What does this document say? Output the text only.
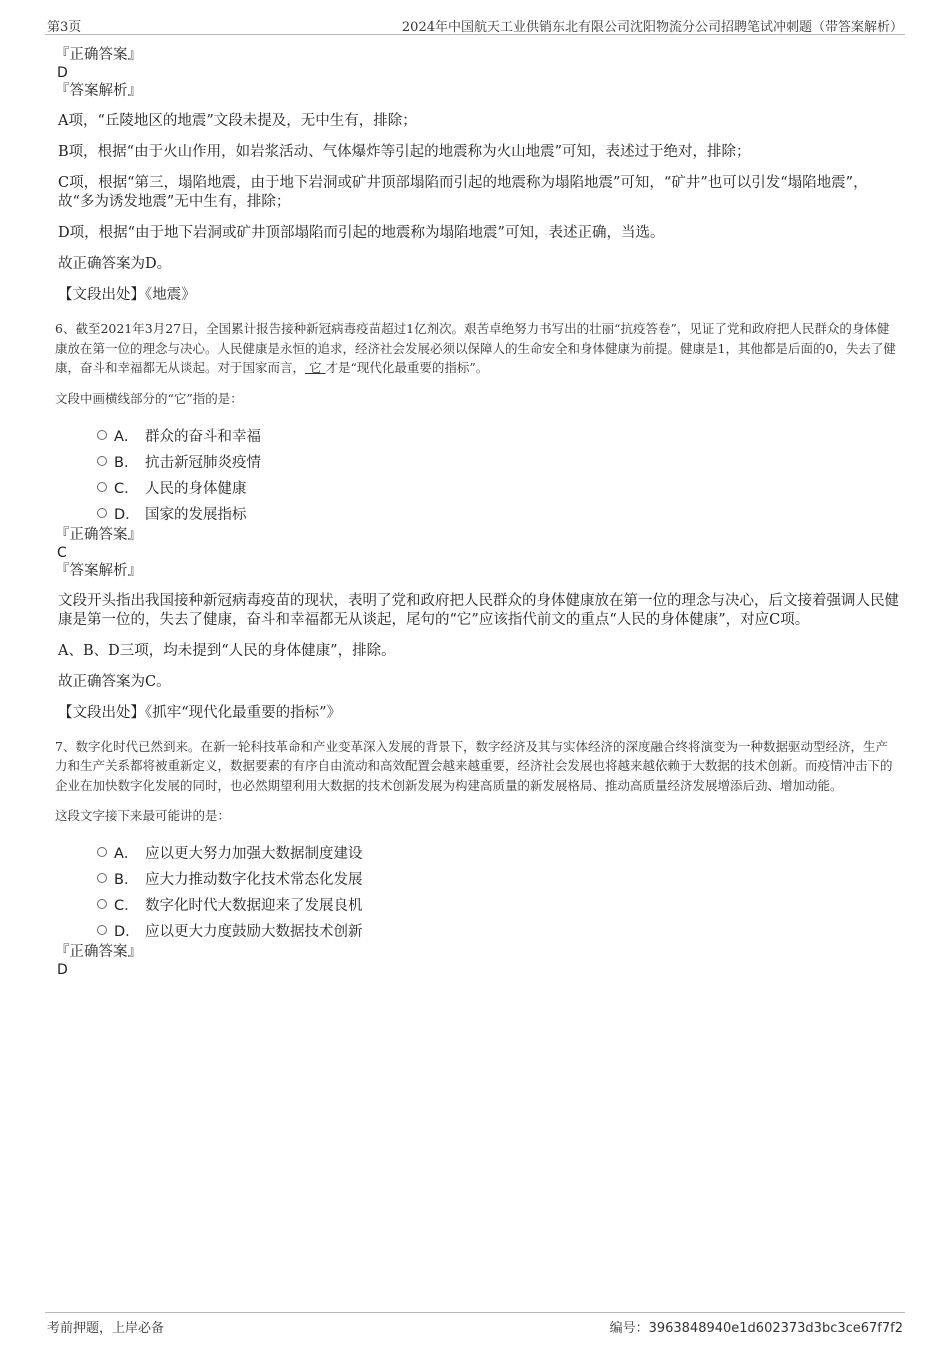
第3页	2024年中国航天工业供销东北有限公司沈阳物流分公司招聘笔试冲刺题（带答案解析）

『正确答案』

D

『答案解析』

A项，“丘陵地区的地震”文段未提及，无中生有，排除；

B项，根据“由于火山作用，如岩浆活动、气体爆炸等引起的地震称为火山地震”可知，表述过于绝对，排除；

C项，根据“第三，塌陷地震，由于地下岩洞或矿井顶部塌陷而引起的地震称为塌陷地震”可知，“矿井”也可以引发“塌陷地震”，故“多为诱发地震”无中生有，排除；

D项，根据“由于地下岩洞或矿井顶部塌陷而引起的地震称为塌陷地震”可知，表述正确，当选。

故正确答案为D。

【文段出处】《地震》

6、截至2021年3月27日，全国累计报告接种新冠病毒疫苗超过1亿剂次。艰苦卓绝努力书写出的壮丽“抗疫答卷”，见证了党和政府把人民群众的身体健康放在第一位的理念与决心。人民健康是永恒的追求，经济社会发展必须以保障人的生命安全和身体健康为前提。健康是1，其他都是后面的0，失去了健康，奋斗和幸福都无从谈起。对于国家而言， 它 才是“现代化最重要的指标”。

文段中画横线部分的“它”指的是：

A． 群众的奋斗和幸福
B． 抗击新冠肺炎疫情
C． 人民的身体健康
D． 国家的发展指标

『正确答案』

C

『答案解析』

文段开头指出我国接种新冠病毒疫苗的现状，表明了党和政府把人民群众的身体健康放在第一位的理念与决心，后文接着强调人民健康是第一位的，失去了健康，奋斗和幸福都无从谈起，尾句的“它”应该指代前文的重点“人民的身体健康”，对应C项。

A、B、D三项，均未提到“人民的身体健康”，排除。

故正确答案为C。

【文段出处】《抓牢“现代化最重要的指标”》

7、数字化时代已然到来。在新一轮科技革命和产业变革深入发展的背景下，数字经济及其与实体经济的深度融合终将演变为一种数据驱动型经济，生产力和生产关系都将被重新定义，数据要素的有序自由流动和高效配置会越来越重要，经济社会发展也将越来越依赖于大数据的技术创新。而疫情冲击下的企业在加快数字化发展的同时，也必然期望利用大数据的技术创新发展为构建高质量的新发展格局、推动高质量经济发展增添后劲、增加动能。

这段文字接下来最可能讲的是：

A． 应以更大努力加强大数据制度建设
B． 应大力推动数字化技术常态化发展
C． 数字化时代大数据迎来了发展良机
D． 应以更大力度鼓励大数据技术创新

『正确答案』

D

考前押题，上岸必备	编号：3963848940e1d602373d3bc3ce67f7f2
